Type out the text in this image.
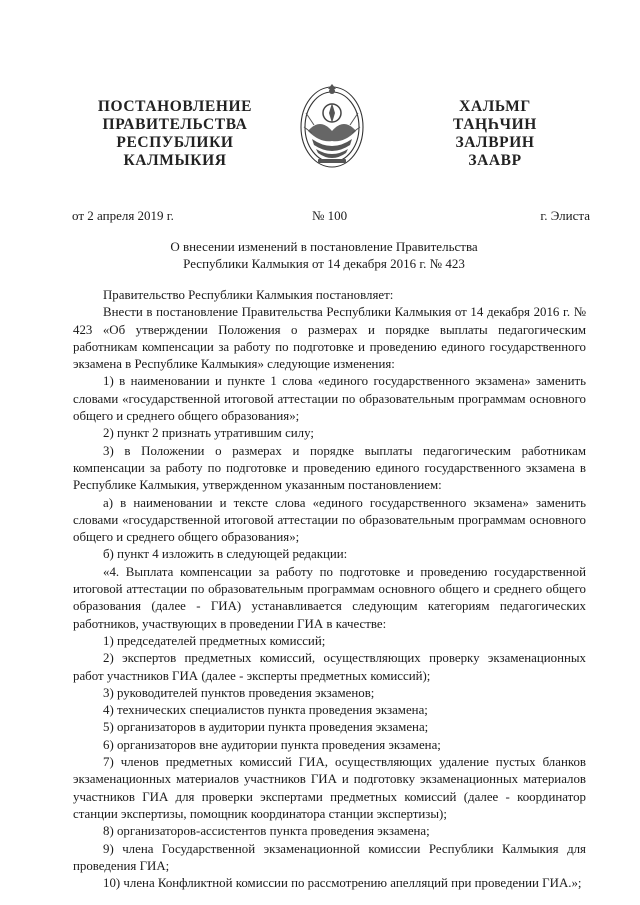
ПОСТАНОВЛЕНИЕ
ПРАВИТЕЛЬСТВА
РЕСПУБЛИКИ
КАЛМЫКИЯ
ХАЛЬМГ
ТАҢҺЧИН
ЗАЛВРИН
ЗААВР
от 2 апреля 2019 г.	№ 100	г. Элиста
О внесении изменений в постановление Правительства
Республики Калмыкия от 14 декабря 2016 г. № 423

Правительство Республики Калмыкия постановляет:

Внести в постановление Правительства Республики Калмыкия от 14 декабря 2016 г. № 423 «Об утверждении Положения о размерах и порядке выплаты педагогическим работникам компенсации за работу по подготовке и проведению единого государственного экзамена в Республике Калмыкия» следующие изменения:

1) в наименовании и пункте 1 слова «единого государственного экзамена» заменить словами «государственной итоговой аттестации по образовательным программам основного общего и среднего общего образования»;

2) пункт 2 признать утратившим силу;

3) в Положении о размерах и порядке выплаты педагогическим работникам компенсации за работу по подготовке и проведению единого государственного экзамена в Республике Калмыкия, утвержденном указанным постановлением:

а) в наименовании и тексте слова «единого государственного экзамена» заменить словами «государственной итоговой аттестации по образовательным программам основного общего и среднего общего образования»;

б) пункт 4 изложить в следующей редакции:

«4. Выплата компенсации за работу по подготовке и проведению государственной итоговой аттестации по образовательным программам основного общего и среднего общего образования (далее - ГИА) устанавливается следующим категориям педагогических работников, участвующих в проведении ГИА в качестве:

1) председателей предметных комиссий;

2) экспертов предметных комиссий, осуществляющих проверку экзаменационных работ участников ГИА (далее - эксперты предметных комиссий);

3) руководителей пунктов проведения экзаменов;

4) технических специалистов пункта проведения экзамена;

5) организаторов в аудитории пункта проведения экзамена;

6) организаторов вне аудитории пункта проведения экзамена;

7) членов предметных комиссий ГИА, осуществляющих удаление пустых бланков экзаменационных материалов участников ГИА и подготовку экзаменационных материалов участников ГИА для проверки экспертами предметных комиссий (далее - координатор станции экспертизы, помощник координатора станции экспертизы);

8) организаторов-ассистентов пункта проведения экзамена;

9) члена Государственной экзаменационной комиссии Республики Калмыкия для проведения ГИА;

10) члена Конфликтной комиссии по рассмотрению апелляций при проведении ГИА.»;
